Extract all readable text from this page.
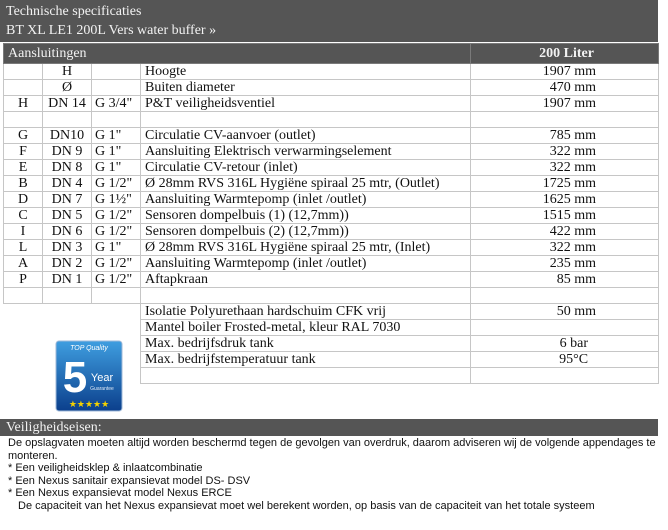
Technische specificaties
BT XL LE1 200L Vers water buffer »
Aansluitingen				200 Liter
	H		Hoogte	1907 mm
	Ø		Buiten diameter	470 mm
H	DN 14	G 3/4"	P&T veiligheidsventiel	1907 mm

G	DN10	G 1"	Circulatie CV-aanvoer (outlet)	785 mm
F	DN 9	G 1"	Aansluiting Elektrisch verwarmingselement	322 mm
E	DN 8	G 1"	Circulatie CV-retour (inlet)	322 mm
B	DN 4	G 1/2"	Ø 28mm RVS 316L Hygiëne spiraal 25 mtr, (Outlet)	1725 mm
D	DN 7	G 1½"	Aansluiting Warmtepomp (inlet /outlet)	1625 mm
C	DN 5	G 1/2"	Sensoren dompelbuis (1) (12,7mm))	1515 mm
I	DN 6	G 1/2"	Sensoren dompelbuis (2) (12,7mm))	422 mm
L	DN 3	G 1"	Ø 28mm RVS 316L Hygiëne spiraal 25 mtr, (Inlet)	322 mm
A	DN 2	G 1/2"	Aansluiting Warmtepomp (inlet /outlet)	235 mm
P	DN 1	G 1/2"	Aftapkraan	85 mm

			Isolatie Polyurethaan hardschuim CFK vrij	50 mm
			Mantel boiler Frosted-metal, kleur RAL 7030	
			Max. bedrijfsdruk tank	6 bar
			Max. bedrijfstemperatuur tank	95°C

TOP Quality
5 Year
Guarantee
★★★★★
Veiligheidseisen:
De opslagvaten moeten altijd worden beschermd tegen de gevolgen van overdruk, daarom adviseren wij de volgende appendages te monteren.
* Een veiligheidsklep & inlaatcombinatie
* Een Nexus sanitair expansievat model DS- DSV
* Een Nexus expansievat model Nexus ERCE
De capaciteit van het Nexus expansievat moet wel berekent worden, op basis van de capaciteit van het totale systeem
